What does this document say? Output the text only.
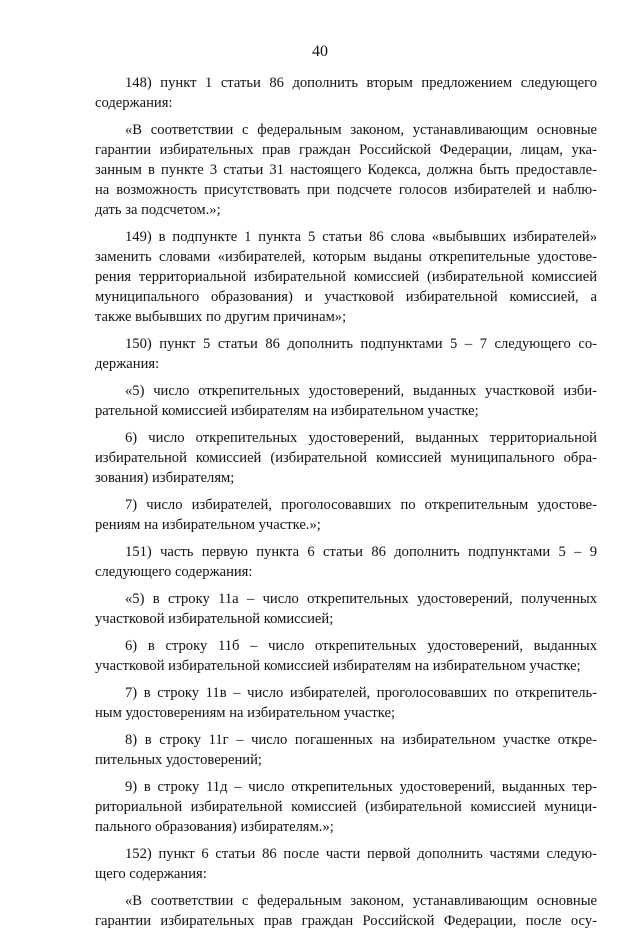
40
148) пункт 1 статьи 86 дополнить вторым предложением следующего
содержания:
«В соответствии с федеральным законом, устанавливающим основные
гарантии избирательных прав граждан Российской Федерации, лицам, ука-
занным в пункте 3 статьи 31 настоящего Кодекса, должна быть предоставле-
на возможность присутствовать при подсчете голосов избирателей и наблю-
дать за подсчетом.»;
149) в подпункте 1 пункта 5 статьи 86 слова «выбывших избирателей»
заменить словами «избирателей, которым выданы открепительные удостове-
рения территориальной избирательной комиссией (избирательной комиссией
муниципального образования) и участковой избирательной комиссией, а
также выбывших по другим причинам»;
150) пункт 5 статьи 86 дополнить подпунктами 5 – 7 следующего со-
держания:
«5) число открепительных удостоверений, выданных участковой изби-
рательной комиссией избирателям на избирательном участке;
6) число открепительных удостоверений, выданных территориальной
избирательной комиссией (избирательной комиссией муниципального обра-
зования) избирателям;
7) число избирателей, проголосовавших по открепительным удостове-
рениям на избирательном участке.»;
151) часть первую пункта 6 статьи 86 дополнить подпунктами 5 – 9
следующего содержания:
«5) в строку 11а – число открепительных удостоверений, полученных
участковой избирательной комиссией;
6) в строку 11б – число открепительных удостоверений, выданных
участковой избирательной комиссией избирателям на избирательном участке;
7) в строку 11в – число избирателей, проголосовавших по открепитель-
ным удостоверениям на избирательном участке;
8) в строку 11г – число погашенных на избирательном участке откре-
пительных удостоверений;
9) в строку 11д – число открепительных удостоверений, выданных тер-
риториальной избирательной комиссией (избирательной комиссией муници-
пального образования) избирателям.»;
152) пункт 6 статьи 86 после части первой дополнить частями следую-
щего содержания:
«В соответствии с федеральным законом, устанавливающим основные
гарантии избирательных прав граждан Российской Федерации, после осу-
